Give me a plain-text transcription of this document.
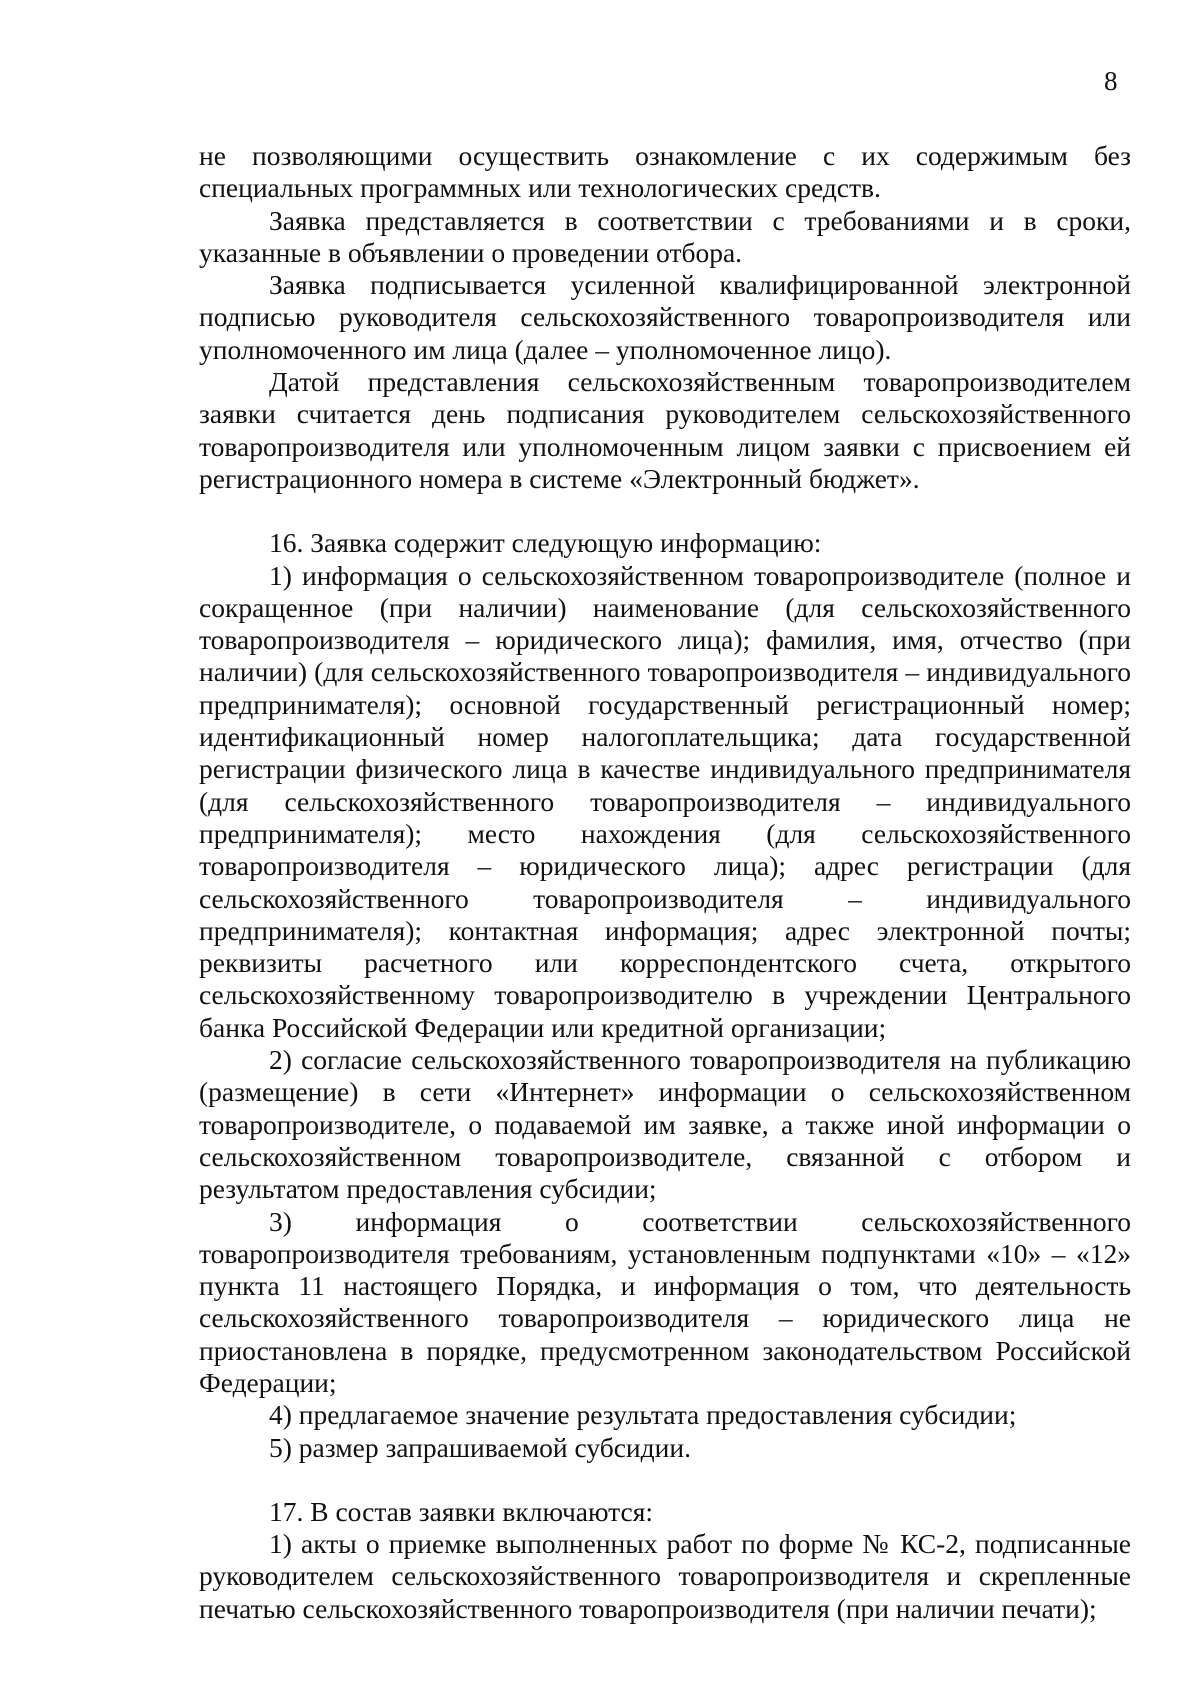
8

не позволяющими осуществить ознакомление с их содержимым без специальных программных или технологических средств.

Заявка представляется в соответствии с требованиями и в сроки, указанные в объявлении о проведении отбора.

Заявка подписывается усиленной квалифицированной электронной подписью руководителя сельскохозяйственного товаропроизводителя или уполномоченного им лица (далее – уполномоченное лицо).

Датой представления сельскохозяйственным товаропроизводителем заявки считается день подписания руководителем сельскохозяйственного товаропроизводителя или уполномоченным лицом заявки с присвоением ей регистрационного номера в системе «Электронный бюджет».

16. Заявка содержит следующую информацию:

1) информация о сельскохозяйственном товаропроизводителе (полное и сокращенное (при наличии) наименование (для сельскохозяйственного товаропроизводителя – юридического лица); фамилия, имя, отчество (при наличии) (для сельскохозяйственного товаропроизводителя – индивидуального предпринимателя); основной государственный регистрационный номер; идентификационный номер налогоплательщика; дата государственной регистрации физического лица в качестве индивидуального предпринимателя (для сельскохозяйственного товаропроизводителя – индивидуального предпринимателя); место нахождения (для сельскохозяйственного товаропроизводителя – юридического лица); адрес регистрации (для сельскохозяйственного товаропроизводителя – индивидуального предпринимателя); контактная информация; адрес электронной почты; реквизиты расчетного или корреспондентского счета, открытого сельскохозяйственному товаропроизводителю в учреждении Центрального банка Российской Федерации или кредитной организации;

2) согласие сельскохозяйственного товаропроизводителя на публикацию (размещение) в сети «Интернет» информации о сельскохозяйственном товаропроизводителе, о подаваемой им заявке, а также иной информации о сельскохозяйственном товаропроизводителе, связанной с отбором и результатом предоставления субсидии;

3) информация о соответствии сельскохозяйственного товаропроизводителя требованиям, установленным подпунктами «10» – «12» пункта 11 настоящего Порядка, и информация о том, что деятельность сельскохозяйственного товаропроизводителя – юридического лица не приостановлена в порядке, предусмотренном законодательством Российской Федерации;

4) предлагаемое значение результата предоставления субсидии;

5) размер запрашиваемой субсидии.

17. В состав заявки включаются:

1) акты о приемке выполненных работ по форме № КС-2, подписанные руководителем сельскохозяйственного товаропроизводителя и скрепленные печатью сельскохозяйственного товаропроизводителя (при наличии печати);
